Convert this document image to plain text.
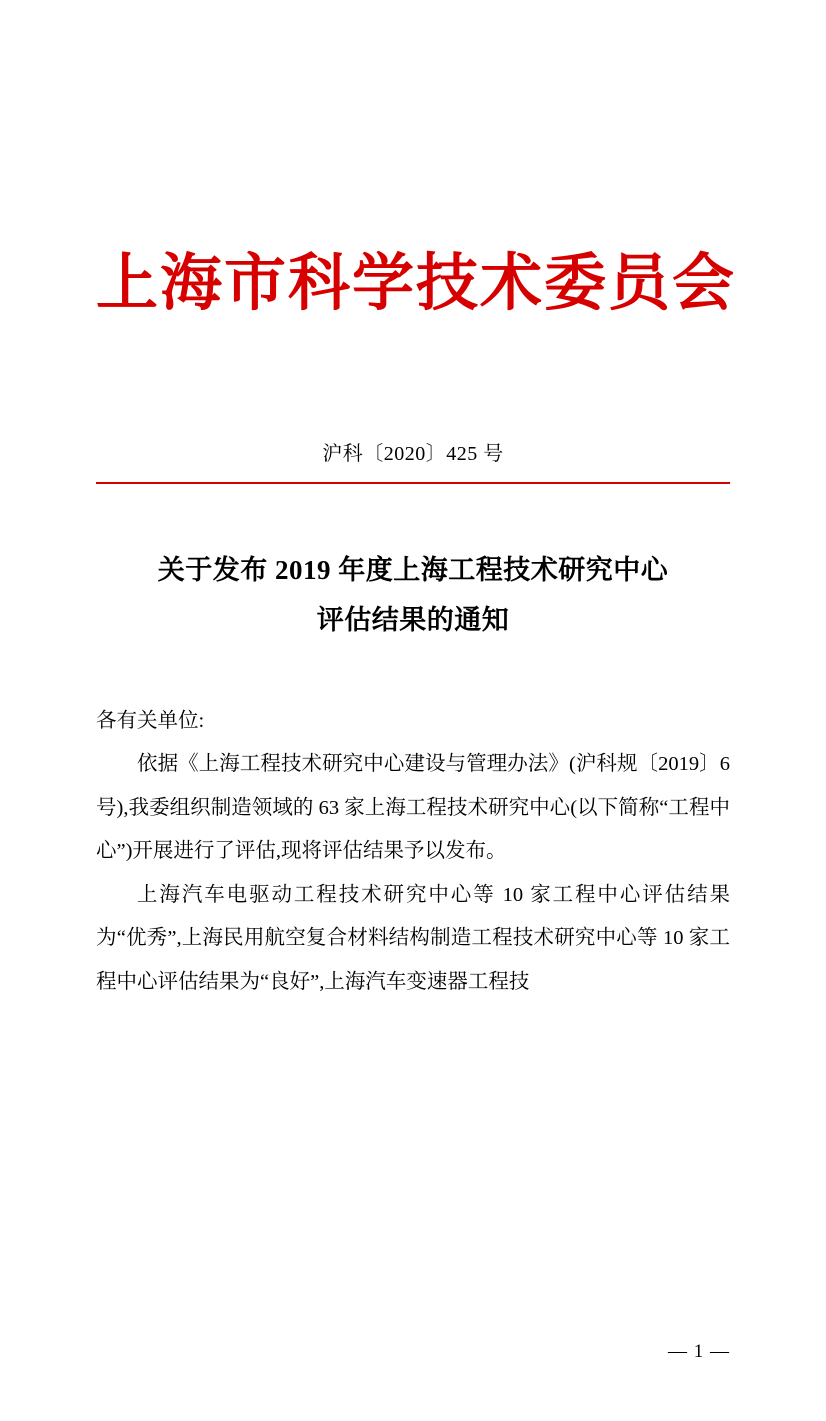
上海市科学技术委员会
沪科〔2020〕425 号
关于发布 2019 年度上海工程技术研究中心
评估结果的通知

各有关单位:

依据《上海工程技术研究中心建设与管理办法》(沪科规〔2019〕6 号),我委组织制造领域的 63 家上海工程技术研究中心(以下简称“工程中心”)开展进行了评估,现将评估结果予以发布。

上海汽车电驱动工程技术研究中心等 10 家工程中心评估结果为“优秀”,上海民用航空复合材料结构制造工程技术研究中心等 10 家工程中心评估结果为“良好”,上海汽车变速器工程技

— 1 —
